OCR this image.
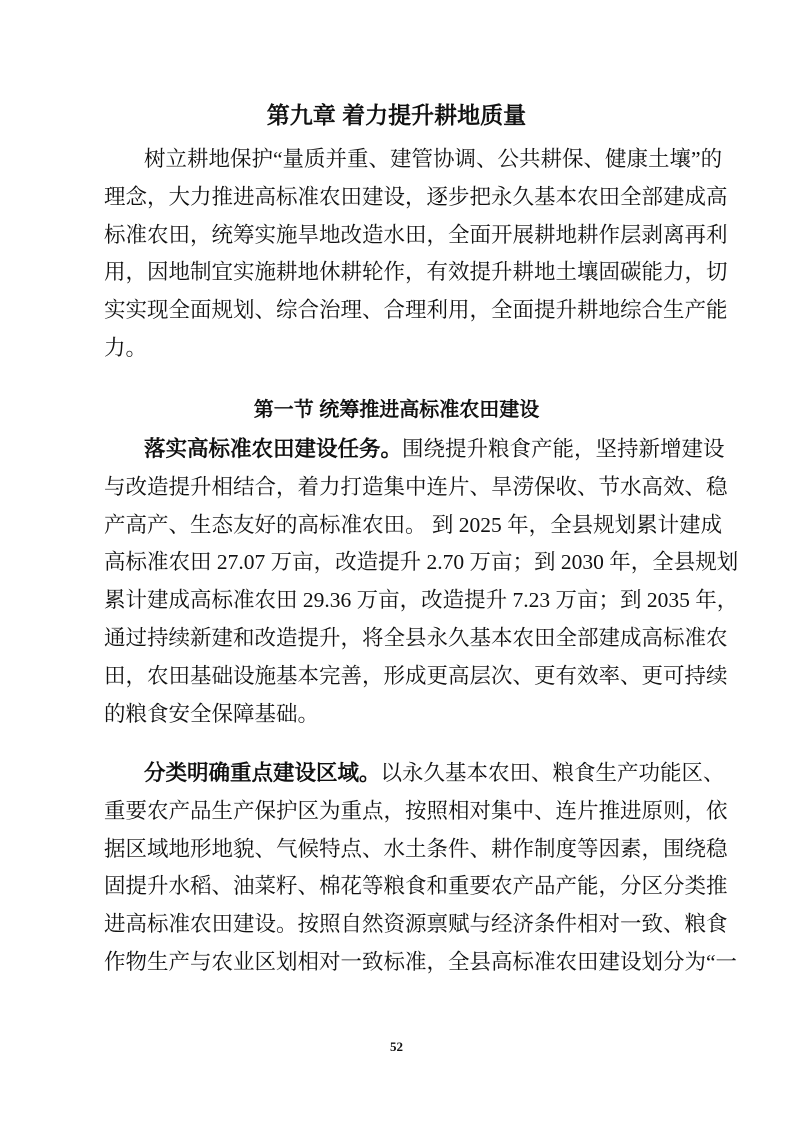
第九章 着力提升耕地质量
树立耕地保护“量质并重、建管协调、公共耕保、健康土壤”的
理念，大力推进高标准农田建设，逐步把永久基本农田全部建成高
标准农田，统筹实施旱地改造水田，全面开展耕地耕作层剥离再利
用，因地制宜实施耕地休耕轮作，有效提升耕地土壤固碳能力，切
实实现全面规划、综合治理、合理利用，全面提升耕地综合生产能
力。
第一节 统筹推进高标准农田建设
落实高标准农田建设任务。围绕提升粮食产能，坚持新增建设
与改造提升相结合，着力打造集中连片、旱涝保收、节水高效、稳
产高产、生态友好的高标准农田。 到 2025 年，全县规划累计建成
高标准农田 27.07 万亩，改造提升 2.70 万亩；到 2030 年，全县规划
累计建成高标准农田 29.36 万亩，改造提升 7.23 万亩；到 2035 年，
通过持续新建和改造提升，将全县永久基本农田全部建成高标准农
田，农田基础设施基本完善，形成更高层次、更有效率、更可持续
的粮食安全保障基础。
分类明确重点建设区域。以永久基本农田、粮食生产功能区、
重要农产品生产保护区为重点，按照相对集中、连片推进原则，依
据区域地形地貌、气候特点、水土条件、耕作制度等因素，围绕稳
固提升水稻、油菜籽、棉花等粮食和重要农产品产能，分区分类推
进高标准农田建设。按照自然资源禀赋与经济条件相对一致、粮食
作物生产与农业区划相对一致标准，全县高标准农田建设划分为“一
52
